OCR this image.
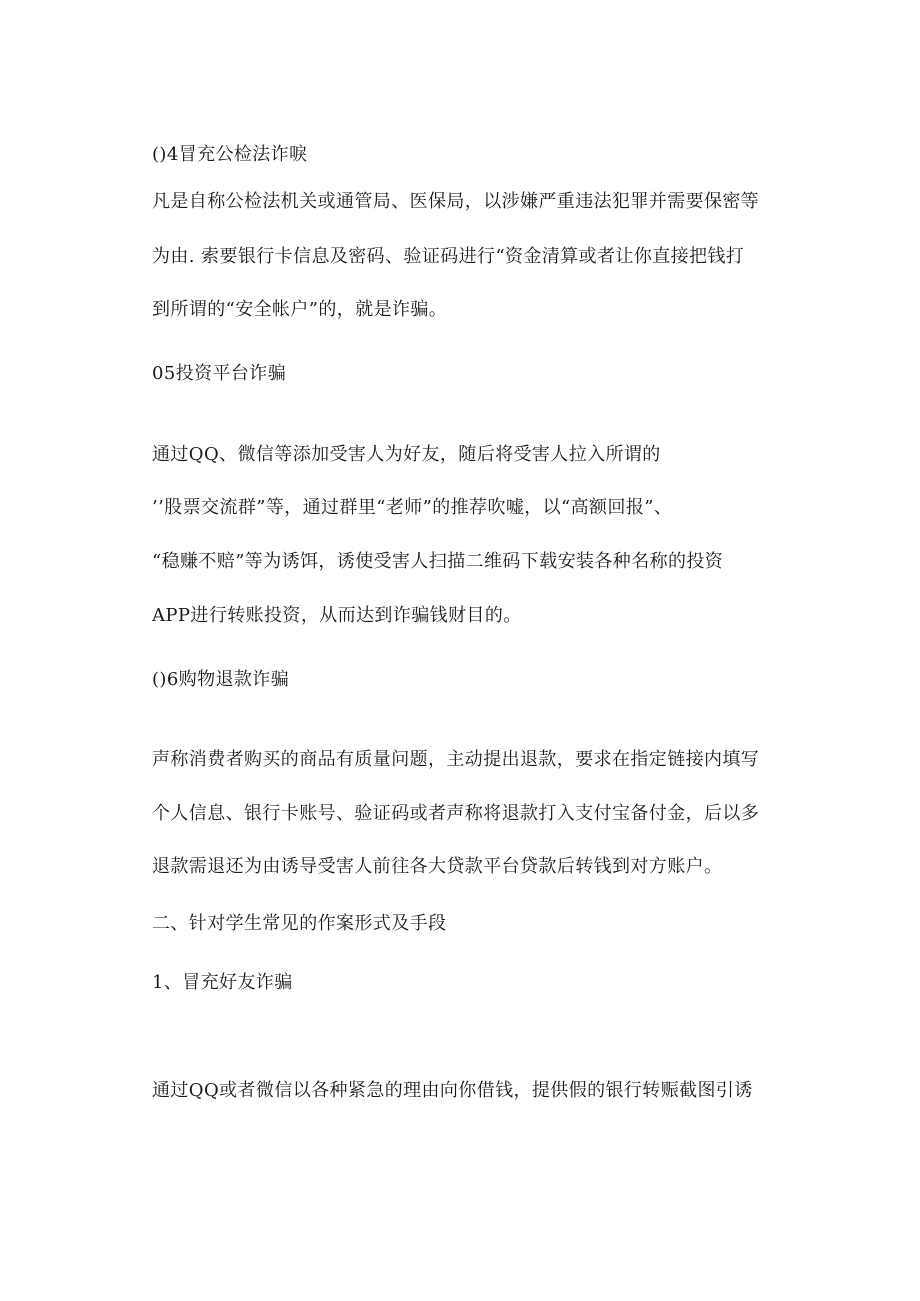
()4冒充公检法诈唳
凡是自称公检法机关或通管局、医保局，以涉嫌严重违法犯罪并需要保密等
为由. 索要银行卡信息及密码、验证码进行“资金清算或者让你直接把钱打
到所谓的“安全帐户”的，就是诈骗。
05投资平台诈骗
通过QQ、微信等添加受害人为好友，随后将受害人拉入所谓的
’’股票交流群”等，通过群里“老师”的推荐吹嘘，以“高额回报”、
“稳赚不赔”等为诱饵，诱使受害人扫描二维码下载安装各种名称的投资
APP进行转账投资，从而达到诈骗钱财目的。
()6购物退款诈骗
声称消费者购买的商品有质量问题，主动提出退款，要求在指定链接内填写
个人信息、银行卡账号、验证码或者声称将退款打入支付宝备付金，后以多
退款需退还为由诱导受害人前往各大贷款平台贷款后转钱到对方账户。
二、针对学生常见的作案形式及手段
1、冒充好友诈骗
通过QQ或者微信以各种紧急的理由向你借钱，提供假的银行转赈截图引诱
